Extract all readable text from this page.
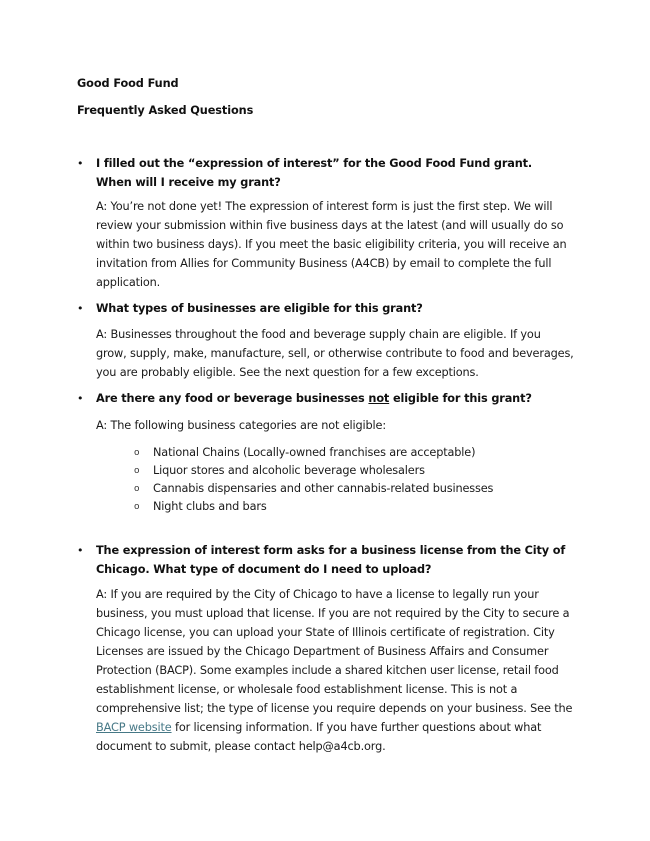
Good Food Fund
Frequently Asked Questions
• I filled out the “expression of interest” for the Good Food Fund grant. When will I receive my grant?
A: You’re not done yet! The expression of interest form is just the first step. We will review your submission within five business days at the latest (and will usually do so within two business days). If you meet the basic eligibility criteria, you will receive an invitation from Allies for Community Business (A4CB) by email to complete the full application.
• What types of businesses are eligible for this grant?
A: Businesses throughout the food and beverage supply chain are eligible. If you grow, supply, make, manufacture, sell, or otherwise contribute to food and beverages, you are probably eligible. See the next question for a few exceptions.
• Are there any food or beverage businesses not eligible for this grant?
A: The following business categories are not eligible:
o National Chains (Locally-owned franchises are acceptable)
o Liquor stores and alcoholic beverage wholesalers
o Cannabis dispensaries and other cannabis-related businesses
o Night clubs and bars
• The expression of interest form asks for a business license from the City of Chicago. What type of document do I need to upload?
A: If you are required by the City of Chicago to have a license to legally run your business, you must upload that license. If you are not required by the City to secure a Chicago license, you can upload your State of Illinois certificate of registration. City Licenses are issued by the Chicago Department of Business Affairs and Consumer Protection (BACP). Some examples include a shared kitchen user license, retail food establishment license, or wholesale food establishment license. This is not a comprehensive list; the type of license you require depends on your business. See the BACP website for licensing information. If you have further questions about what document to submit, please contact help@a4cb.org.
